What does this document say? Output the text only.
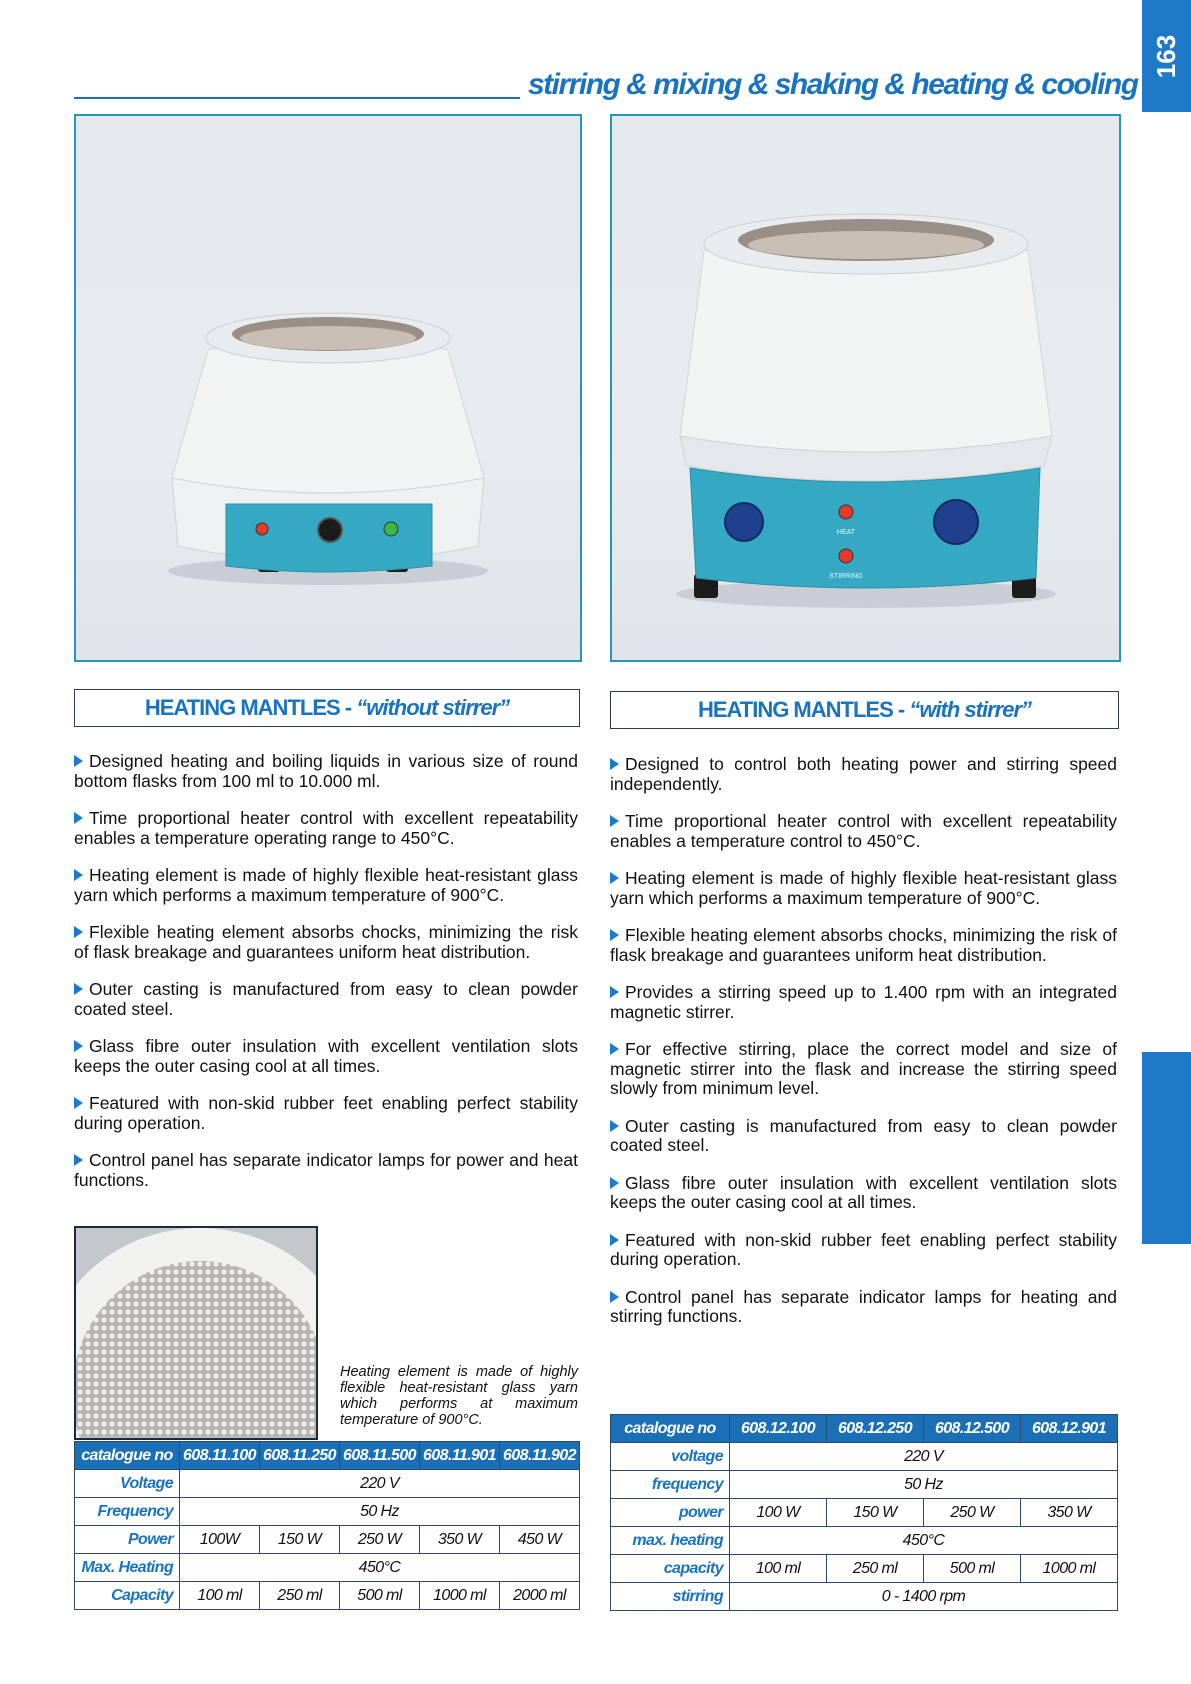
163
stirring & mixing & shaking & heating & cooling
HEAT
STIRRING
HEATING MANTLES -
“without stirrer”	HEATING MANTLES -
“with stirrer”
Designed heating and boiling liquids in various size of round bottom flasks from 100 ml to 10.000 ml.
Time proportional heater control with excellent repeatability enables a temperature operating range to 450°C.
Heating element is made of highly flexible heat-resistant glass yarn which performs a maximum temperature of 900°C.
Flexible heating element absorbs chocks, minimizing the risk of flask breakage and guarantees uniform heat distribution.
Outer casting is manufactured from easy to clean powder coated steel.
Glass fibre outer insulation with excellent ventilation slots keeps the outer casing cool at all times.
Featured with non-skid rubber feet enabling perfect stability during operation.
Control panel has separate indicator lamps for power and heat functions.
Designed to control both heating power and stirring speed independently.
Time proportional heater control with excellent repeatability enables a temperature control to 450°C.
Heating element is made of highly flexible heat-resistant glass yarn which performs a maximum temperature of 900°C.
Flexible heating element absorbs chocks, minimizing the risk of flask breakage and guarantees uniform heat distribution.
Provides a stirring speed up to 1.400 rpm with an integrated magnetic stirrer.
For effective stirring, place the correct model and size of magnetic stirrer into the flask and increase the stirring speed slowly from minimum level.
Outer casting is manufactured from easy to clean powder coated steel.
Glass fibre outer insulation with excellent ventilation slots keeps the outer casing cool at all times.
Featured with non-skid rubber feet enabling perfect stability during operation.
Control panel has separate indicator lamps for heating and stirring functions.
Heating element is made of highly flexible heat-resistant glass yarn which performs at maximum temperature of 900°C.
catalogue no	608.11.100	608.11.250	608.11.500	608.11.901	608.11.902
Voltage	220 V				
Frequency	50 Hz				
Power	100W	150 W	250 W	350 W	450 W
Max. Heating	450°C				
Capacity	100 ml	250 ml	500 ml	1000 ml	2000 ml
catalogue no	608.12.100	608.12.250	608.12.500	608.12.901
voltage	220 V			
frequency	50 Hz			
power	100 W	150 W	250 W	350 W
max. heating	450°C			
capacity	100 ml	250 ml	500 ml	1000 ml
stirring	0 - 1400 rpm			
